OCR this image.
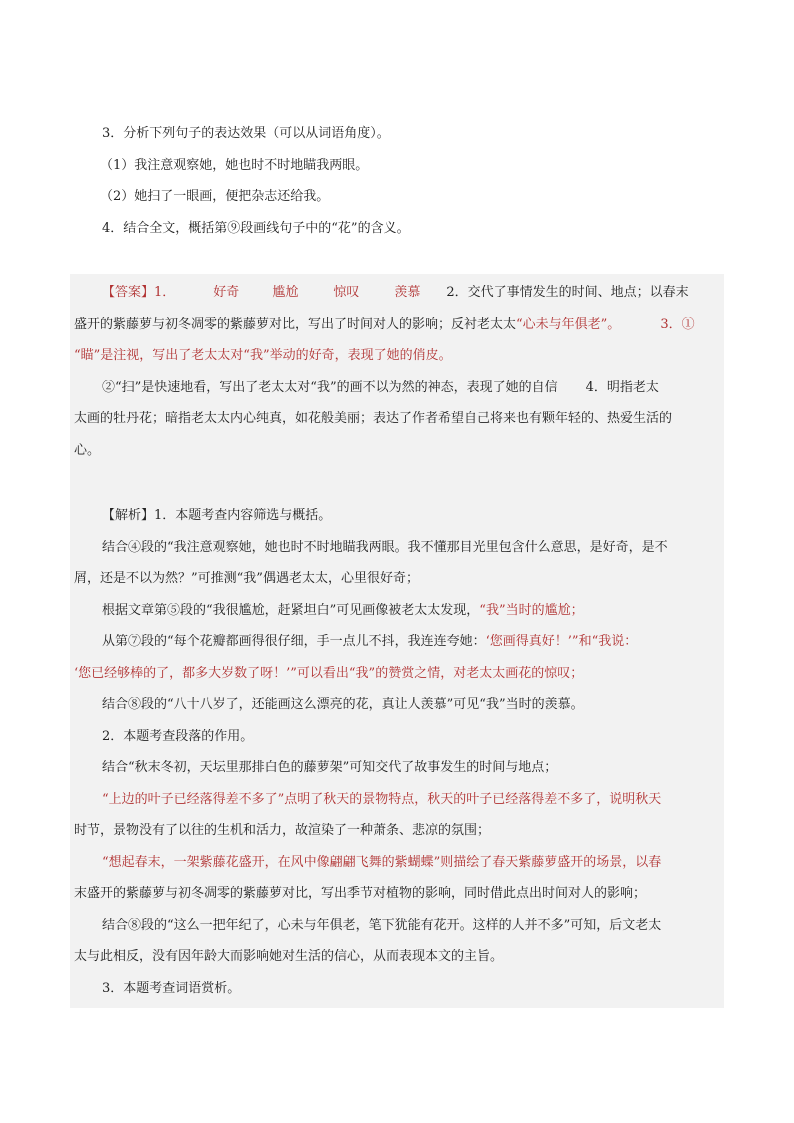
3．分析下列句子的表达效果（可以从词语角度）。
（1）我注意观察她，她也时不时地瞄我两眼。
（2）她扫了一眼画，便把杂志还给我。
4．结合全文，概括第⑨段画线句子中的“花”的含义。
【答案】1．	好奇	尴尬	惊叹	羡慕 2．交代了事情发生的时间、地点；以春末
盛开的紫藤萝与初冬凋零的紫藤萝对比，写出了时间对人的影响；反衬老太太“心未与年俱老”。	3．①
“瞄”是注视，写出了老太太对“我”举动的好奇，表现了她的俏皮。
②“扫”是快速地看，写出了老太太对“我”的画不以为然的神态，表现了她的自信 4．明指老太
太画的牡丹花；暗指老太太内心纯真，如花般美丽；表达了作者希望自己将来也有颗年轻的、热爱生活的
心。
【解析】1．本题考查内容筛选与概括。
结合④段的“我注意观察她，她也时不时地瞄我两眼。我不懂那目光里包含什么意思，是好奇，是不
屑，还是不以为然？”可推测“我”偶遇老太太，心里很好奇；
根据文章第⑤段的“我很尴尬，赶紧坦白”可见画像被老太太发现，“我”当时的尴尬；
从第⑦段的“每个花瓣都画得很仔细，手一点儿不抖，我连连夸她：‘您画得真好！’”和“我说：
‘您已经够棒的了，都多大岁数了呀！’”可以看出“我”的赞赏之情，对老太太画花的惊叹；
结合⑧段的“八十八岁了，还能画这么漂亮的花，真让人羡慕”可见“我”当时的羡慕。
2．本题考查段落的作用。
结合“秋末冬初，天坛里那排白色的藤萝架”可知交代了故事发生的时间与地点；
“上边的叶子已经落得差不多了”点明了秋天的景物特点，秋天的叶子已经落得差不多了，说明秋天
时节，景物没有了以往的生机和活力，故渲染了一种萧条、悲凉的氛围；
“想起春末，一架紫藤花盛开，在风中像翩翩飞舞的紫蝴蝶”则描绘了春天紫藤萝盛开的场景，以春
末盛开的紫藤萝与初冬凋零的紫藤萝对比，写出季节对植物的影响，同时借此点出时间对人的影响；
结合⑧段的“这么一把年纪了，心未与年俱老，笔下犹能有花开。这样的人并不多”可知，后文老太
太与此相反，没有因年龄大而影响她对生活的信心，从而表现本文的主旨。
3．本题考查词语赏析。
